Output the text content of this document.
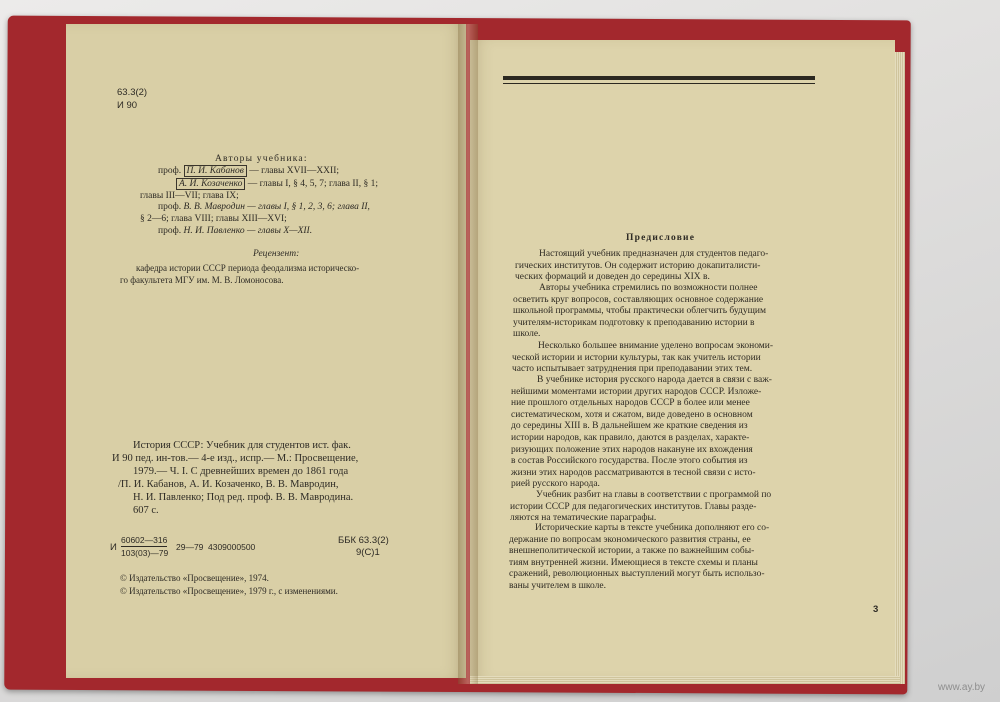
63.3(2)
И 90
Авторы учебника:
проф. П. И. Кабанов — главы XVII—XXII;
А. И. Козаченко — главы I, § 4, 5, 7; глава II, § 1;
главы III—VII; глава IX;
проф. В. В. Мавродин — главы I, § 1, 2, 3, 6; глава II,
§ 2—6; глава VIII; главы XIII—XVI;
проф. Н. И. Павленко — главы X—XII.
Рецензент:
кафедра истории СССР периода феодализма историческо-
го факультета МГУ им. М. В. Ломоносова.
История СССР: Учебник для студентов ист. фак.
И 90 пед. ин-тов.— 4-е изд., испр.— М.: Просвещение,
1979.— Ч. I. С древнейших времен до 1861 года
/П. И. Кабанов, А. И. Козаченко, В. В. Мавродин,
Н. И. Павленко; Под ред. проф. В. В. Мавродина.
607 с.
ББК 63.3(2)
9(С)1
И
60602—316
103(03)—79
29—79 4309000500
© Издательство «Просвещение», 1974.
© Издательство «Просвещение», 1979 г., с изменениями.
Предисловие
Настоящий учебник предназначен для студентов педаго-
гических институтов. Он содержит историю докапиталисти-
ческих формаций и доведен до середины XIX в.
Авторы учебника стремились по возможности полнее
осветить круг вопросов, составляющих основное содержание
школьной программы, чтобы практически облегчить будущим
учителям-историкам подготовку к преподаванию истории в
школе.
Несколько большее внимание уделено вопросам экономи-
ческой истории и истории культуры, так как учитель истории
часто испытывает затруднения при преподавании этих тем.
В учебнике история русского народа дается в связи с важ-
нейшими моментами истории других народов СССР. Изложе-
ние прошлого отдельных народов СССР в более или менее
систематическом, хотя и сжатом, виде доведено в основном
до середины XIII в. В дальнейшем же краткие сведения из
истории народов, как правило, даются в разделах, характе-
ризующих положение этих народов накануне их вхождения
в состав Российского государства. После этого события из
жизни этих народов рассматриваются в тесной связи с исто-
рией русского народа.
Учебник разбит на главы в соответствии с программой по
истории СССР для педагогических институтов. Главы разде-
ляются на тематические параграфы.
Исторические карты в тексте учебника дополняют его со-
держание по вопросам экономического развития страны, ее
внешнеполитической истории, а также по важнейшим собы-
тиям внутренней жизни. Имеющиеся в тексте схемы и планы
сражений, революционных выступлений могут быть использо-
ваны учителем в школе.
3
www.ay.by
